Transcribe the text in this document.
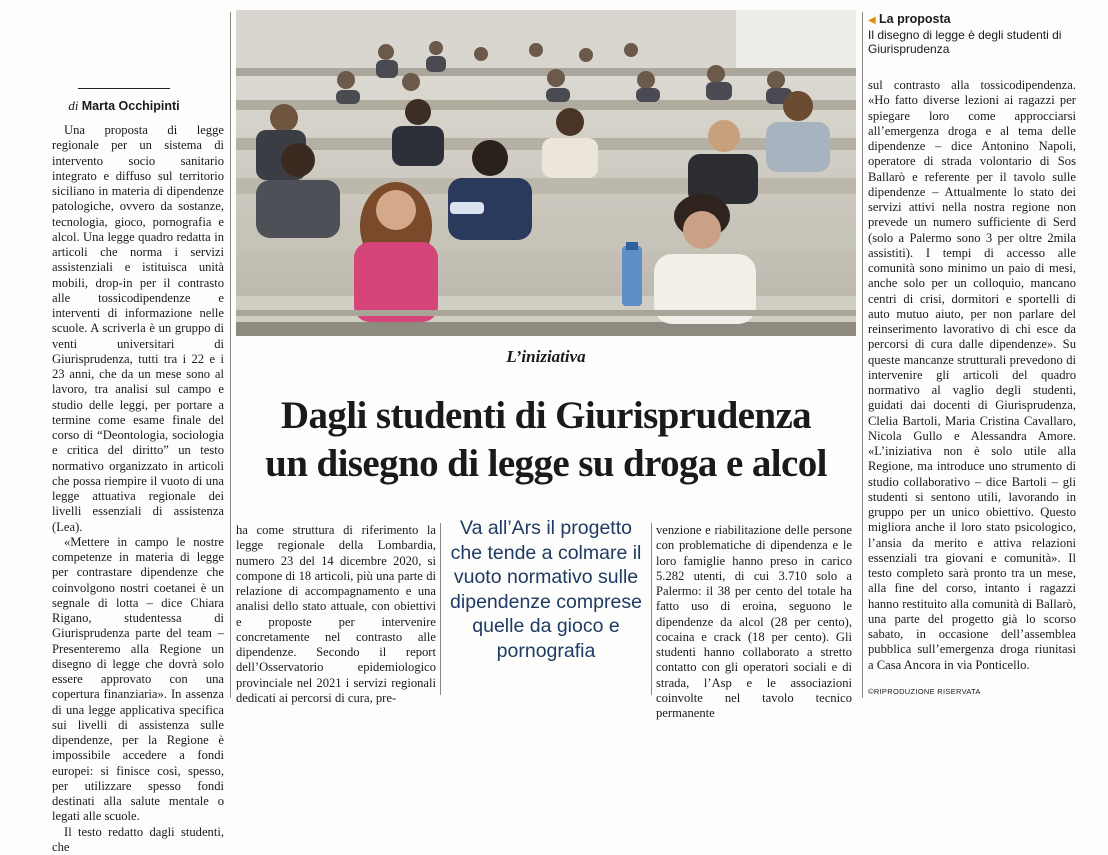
di Marta Occhipinti

Una proposta di legge regionale per un sistema di intervento socio sanitario integrato e diffuso sul territorio siciliano in materia di dipendenze patologiche, ovvero da sostanze, tecnologia, gioco, pornografia e alcol. Una legge quadro redatta in articoli che norma i servizi assistenziali e istituisca unità mobili, drop-in per il contrasto alle tossicodipendenze e interventi di informazione nelle scuole. A scriverla è un gruppo di venti universitari di Giurisprudenza, tutti tra i 22 e i 23 anni, che da un mese sono al lavoro, tra analisi sul campo e studio delle leggi, per portare a termine come esame finale del corso di “Deontologia, sociologia e critica del diritto” un testo normativo organizzato in articoli che possa riempire il vuoto di una legge attuativa regionale dei livelli essenziali di assistenza (Lea).

«Mettere in campo le nostre competenze in materia di legge per contrastare dipendenze che coinvolgono nostri coetanei è un segnale di lotta – dice Chiara Rigano, studentessa di Giurisprudenza parte del team – Presenteremo alla Regione un disegno di legge che dovrà solo essere approvato con una copertura finanziaria». In assenza di una legge applicativa specifica sui livelli di assistenza sulle dipendenze, per la Regione è impossibile accedere a fondi europei: si finisce così, spesso, per utilizzare spesso fondi destinati alla salute mentale o legati alle scuole.

Il testo redatto dagli studenti, che

L’iniziativa
Dagli studenti di Giurisprudenza
un disegno di legge su droga e alcol
Va all’Ars il progetto che tende a colmare il vuoto normativo sulle dipendenze comprese quelle da gioco e pornografia
ha come struttura di riferimento la legge regionale della Lombardia, numero 23 del 14 dicembre 2020, si compone di 18 articoli, più una parte di relazione di accompagnamento e una analisi dello stato attuale, con obiettivi e proposte per intervenire concretamente nel contrasto alle dipendenze. Secondo il report dell’Osservatorio epidemiologico provinciale nel 2021 i servizi regionali dedicati ai percorsi di cura, pre-
venzione e riabilitazione delle persone con problematiche di dipendenza e le loro famiglie hanno preso in carico 5.282 utenti, di cui 3.710 solo a Palermo: il 38 per cento del totale ha fatto uso di eroina, seguono le dipendenze da alcol (28 per cento), cocaina e crack (18 per cento). Gli studenti hanno collaborato a stretto contatto con gli operatori sociali e di strada, l’Asp e le associazioni coinvolte nel tavolo tecnico permanente
◀ La proposta
Il disegno di legge è degli studenti di Giurisprudenza
sul contrasto alla tossicodipendenza. «Ho fatto diverse lezioni ai ragazzi per spiegare loro come approcciarsi all’emergenza droga e al tema delle dipendenze – dice Antonino Napoli, operatore di strada volontario di Sos Ballarò e referente per il tavolo sulle dipendenze – Attualmente lo stato dei servizi attivi nella nostra regione non prevede un numero sufficiente di Serd (solo a Palermo sono 3 per oltre 2mila assistiti). I tempi di accesso alle comunità sono minimo un paio di mesi, anche solo per un colloquio, mancano centri di crisi, dormitori e sportelli di auto mutuo aiuto, per non parlare del reinserimento lavorativo di chi esce da percorsi di cura dalle dipendenze». Su queste mancanze strutturali prevedono di intervenire gli articoli del quadro normativo al vaglio degli studenti, guidati dai docenti di Giurisprudenza, Clelia Bartoli, Maria Cristina Cavallaro, Nicola Gullo e Alessandra Amore. «L’iniziativa non è solo utile alla Regione, ma introduce uno strumento di studio collaborativo – dice Bartoli – gli studenti si sentono utili, lavorando in gruppo per un unico obiettivo. Questo migliora anche il loro stato psicologico, l’ansia da merito e attiva relazioni essenziali tra giovani e comunità». Il testo completo sarà pronto tra un mese, alla fine del corso, intanto i ragazzi hanno restituito alla comunità di Ballarò, una parte del progetto già lo scorso sabato, in occasione dell’assemblea pubblica sull’emergenza droga riunitasi a Casa Ancora in via Ponticello.
©RIPRODUZIONE RISERVATA
